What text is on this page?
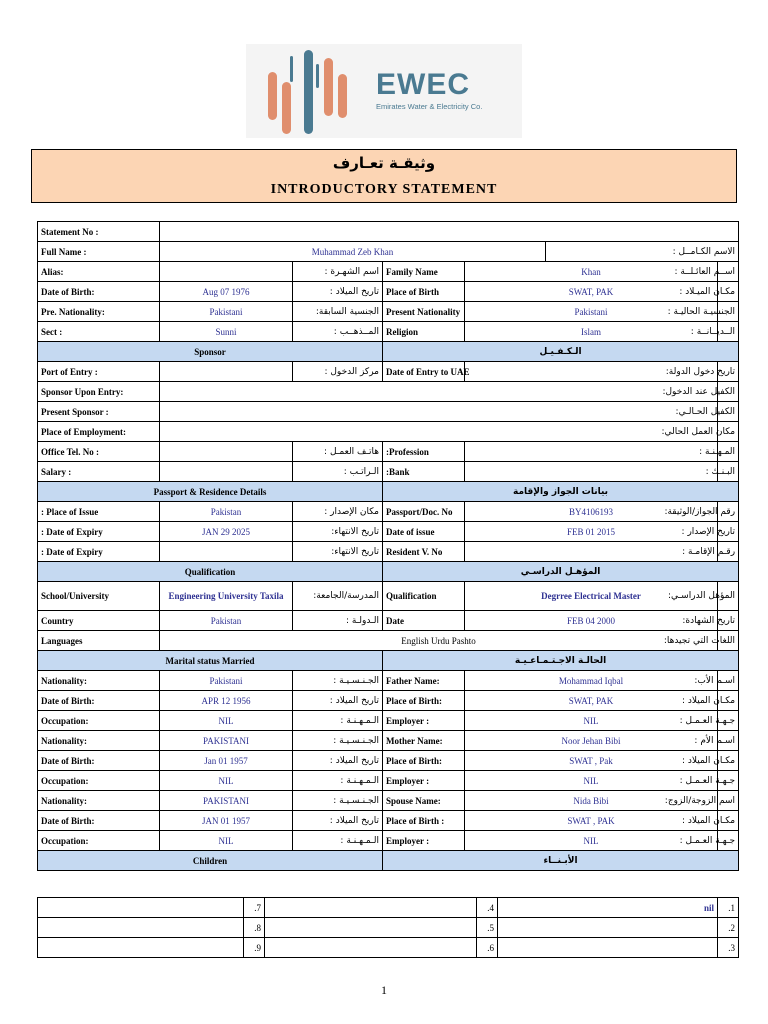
EWEC
Emirates Water & Electricity Co.
وثيقـة تعـارف
INTRODUCTORY STATEMENT
Statement No :						
Full Name :	Muhammad Zeb Khan				الاسم الكـامــل :	
Alias:		اسم الشهـرة :	Family Name	Khan		اســم العائـلــة :
Date of Birth:	Aug 07 1976	تاريخ الميلاد :	Place of Birth	SWAT, PAK		مكـان الميـلاد :
Pre. Nationality:	Pakistani	الجنسية السابقة:	Present Nationality	Pakistani		الجنسيـة الحاليـة :
Sect :	Sunni	المــذهــب :	Religion	Islam		الــديــانــة :
Sponsor			الـكـفـيـل			
Port of Entry :		مركز الدخول :	Date of Entry to UAE			تاريخ دخول الدولة:
Sponsor Upon Entry:						الكفيل عند الدخول:
Present Sponsor :						الكفيل الحـالـي:
Place of Employment:						مكان العمل الحالي:
Office Tel. No :		هاتـف العمـل :	:Profession			المـهـنـة :
Salary :		الـراتـب :	:Bank			البـنـك :
Passport & Residence Details			بيانات الجواز والإقامة			
: Place of Issue	Pakistan	مكان الإصدار :	Passport/Doc. No	BY4106193		رقم الجواز/الوثيقة:
: Date of Expiry	JAN 29 2025	تاريخ الانتهاء:	Date of issue	FEB 01 2015		تاريخ الإصدار :
: Date of Expiry		تاريخ الانتهاء:	Resident V. No			رقـم الإقامـة :
Qualification			المؤهـل الدراسـي			
School/University	Engineering University Taxila	المدرسة/الجامعة:	Qualification	Degrree Electrical Master		المؤهل الدراسـي:
Country	Pakistan	الـدولـة :	Date	FEB 04 2000		تاريخ الشهادة:
Languages	English Urdu Pashto					اللغات التي تجيدها:
Marital status Married			الحالـة الاجـتـمـاعـيـة			
Nationality:	Pakistani	الجـنـسـيـة :	Father Name:	Mohammad Iqbal		اسـم الأب:
Date of Birth:	APR 12 1956	تاريخ الميلاد :	Place of Birth:	SWAT, PAK		مكـان الميلاد :
Occupation:	NIL	الـمـهـنـة :	Employer :	NIL		جـهـة العـمـل :
Nationality:	PAKISTANI	الجـنـسـيـة :	Mother Name:	Noor Jehan Bibi		اسـم الأم :
Date of Birth:	Jan 01 1957	تاريخ الميلاد :	Place of Birth:	SWAT , Pak		مكـان الميلاد :
Occupation:	NIL	الـمـهـنـة :	Employer :	NIL		جـهـة العـمـل :
Nationality:	PAKISTANI	الجـنـسـيـة :	Spouse Name:	Nida Bibi		اسم الزوجة/الزوج:
Date of Birth:	JAN 01 1957	تاريخ الميلاد :	Place of Birth :	SWAT , PAK		مكـان الميلاد :
Occupation:	NIL	الـمـهـنـة :	Employer :	NIL		جـهـة العـمـل :
Children			الأبـنــاء			
	.7		.4	nil	.1
	.8		.5		.2
	.9		.6		.3
1
